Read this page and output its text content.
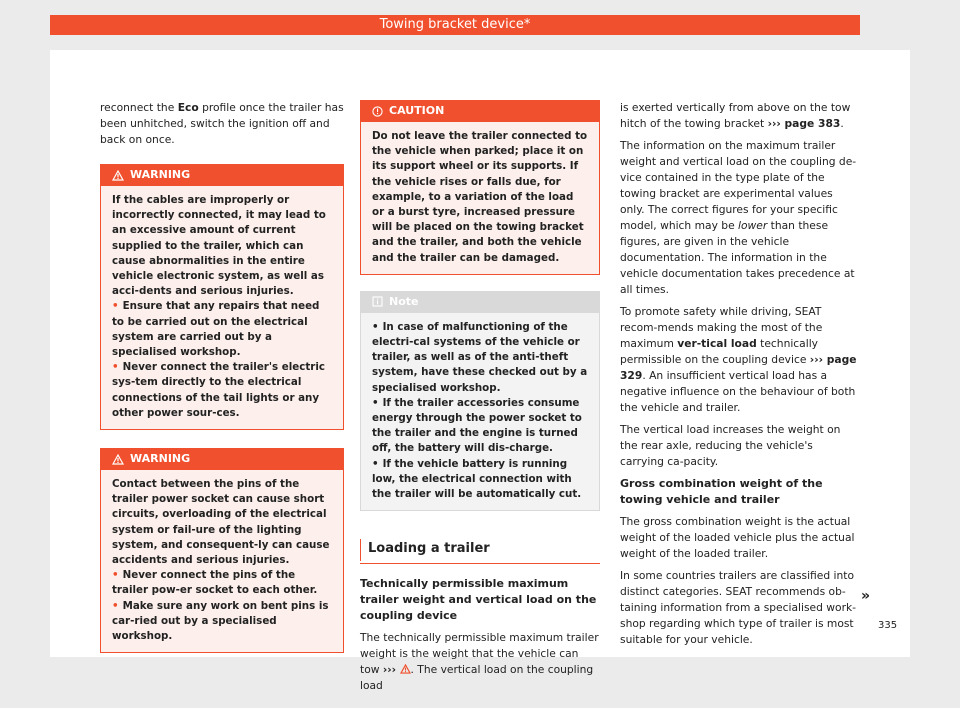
Towing bracket device*

reconnect the Eco profile once the trailer has been unhitched, switch the ignition off and back on once.

WARNING

If the cables are improperly or incorrectly connected, it may lead to an excessive amount of current supplied to the trailer, which can cause abnormalities in the entire vehicle electronic system, as well as acci-dents and serious injuries.

• Ensure that any repairs that need to be carried out on the electrical system are carried out by a specialised workshop.

• Never connect the trailer's electric sys-tem directly to the electrical connections of the tail lights or any other power sour-ces.

WARNING

Contact between the pins of the trailer power socket can cause short circuits, overloading of the electrical system or fail-ure of the lighting system, and consequent-ly can cause accidents and serious injuries.

• Never connect the pins of the trailer pow-er socket to each other.

• Make sure any work on bent pins is car-ried out by a specialised workshop.

CAUTION

Do not leave the trailer connected to the vehicle when parked; place it on its support wheel or its supports. If the vehicle rises or falls due, for example, to a variation of the load or a burst tyre, increased pressure will be placed on the towing bracket and the trailer, and both the vehicle and the trailer can be damaged.

Note

• In case of malfunctioning of the electri-cal systems of the vehicle or trailer, as well as of the anti-theft system, have these checked out by a specialised workshop.

• If the trailer accessories consume energy through the power socket to the trailer and the engine is turned off, the battery will dis-charge.

• If the vehicle battery is running low, the electrical connection with the trailer will be automatically cut.

Loading a trailer

Technically permissible maximum trailer weight and vertical load on the coupling device

The technically permissible maximum trailer weight is the weight that the vehicle can tow ››› . The vertical load on the coupling load

is exerted vertically from above on the tow hitch of the towing bracket ››› page 383.

The information on the maximum trailer weight and vertical load on the coupling de-vice contained in the type plate of the towing bracket are experimental values only. The correct figures for your specific model, which may be lower than these figures, are given in the vehicle documentation. The information in the vehicle documentation takes precedence at all times.

To promote safety while driving, SEAT recom-mends making the most of the maximum ver-tical load technically permissible on the coupling device ››› page 329. An insufficient vertical load has a negative influence on the behaviour of both the vehicle and trailer.

The vertical load increases the weight on the rear axle, reducing the vehicle's carrying ca-pacity.

Gross combination weight of the towing vehicle and trailer

The gross combination weight is the actual weight of the loaded vehicle plus the actual weight of the loaded trailer.

In some countries trailers are classified into distinct categories. SEAT recommends ob-taining information from a specialised work-shop regarding which type of trailer is most suitable for your vehicle.

»
335
